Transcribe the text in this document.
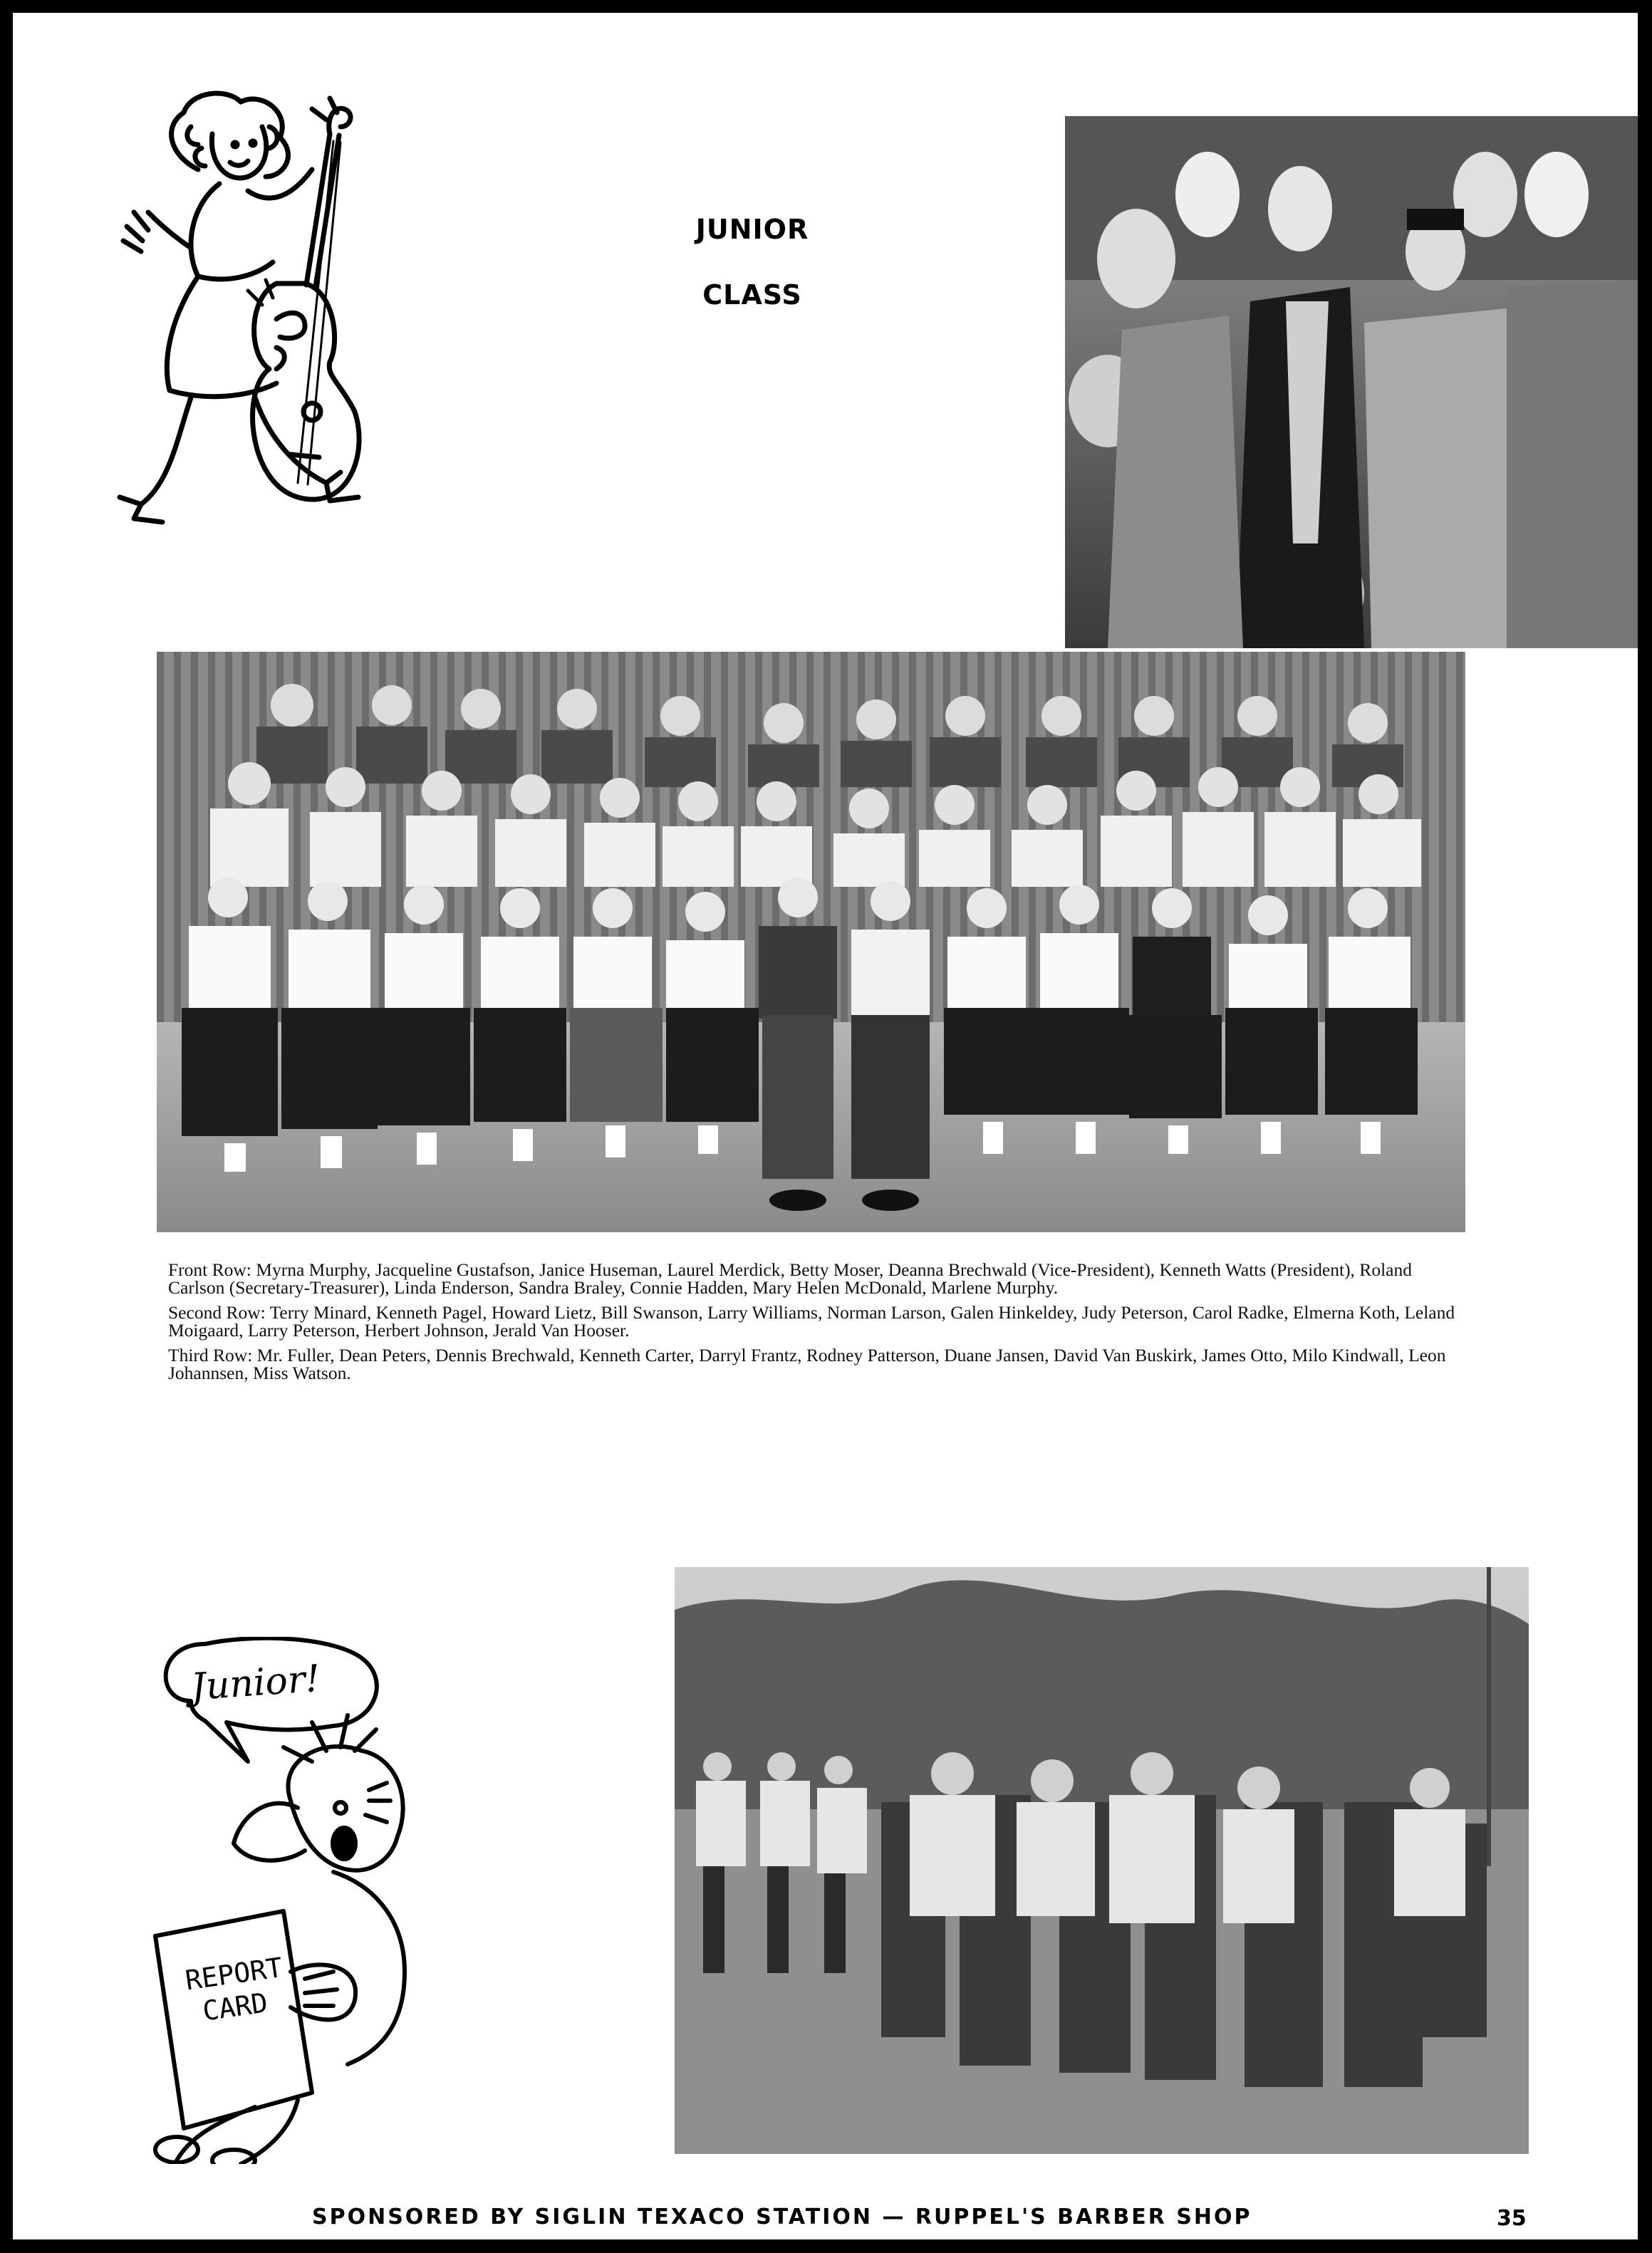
JUNIOR
CLASS
Front Row: Myrna Murphy, Jacqueline Gustafson, Janice Huseman, Laurel Merdick, Betty Moser, Deanna Brechwald (Vice-President), Kenneth Watts (President), Roland Carlson (Secretary-Treasurer), Linda Enderson, Sandra Braley, Connie Hadden, Mary Helen McDonald, Marlene Murphy.
Second Row: Terry Minard, Kenneth Pagel, Howard Lietz, Bill Swanson, Larry Williams, Norman Larson, Galen Hinkeldey, Judy Peterson, Carol Radke, Elmerna Koth, Leland Moigaard, Larry Peterson, Herbert Johnson, Jerald Van Hooser.
Third Row: Mr. Fuller, Dean Peters, Dennis Brechwald, Kenneth Carter, Darryl Frantz, Rodney Patterson, Duane Jansen, David Van Buskirk, James Otto, Milo Kindwall, Leon Johannsen, Miss Watson.
Junior!
REPORT
CARD
SPONSORED BY SIGLIN TEXACO STATION — RUPPEL'S BARBER SHOP	35
